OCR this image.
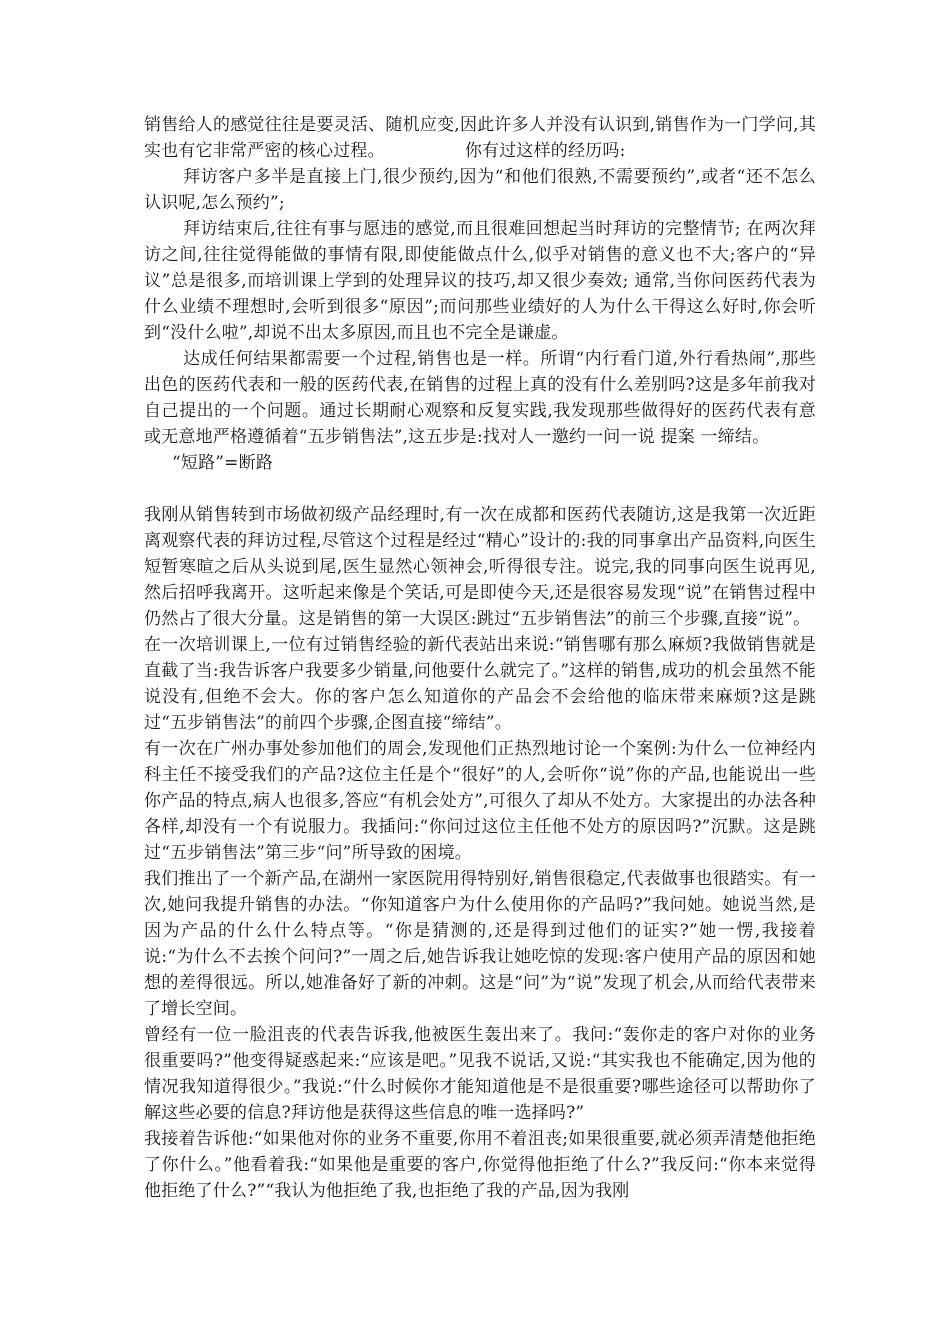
销售给人的感觉往往是要灵活、随机应变,因此许多人并没有认识到,销售作为一门学问,其实也有它非常严密的核心过程。	你有过这样的经历吗:

拜访客户多半是直接上门,很少预约,因为“和他们很熟,不需要预约”,或者“还不怎么认识呢,怎么预约”;

拜访结束后,往往有事与愿违的感觉,而且很难回想起当时拜访的完整情节; 在两次拜访之间,往往觉得能做的事情有限,即使能做点什么,似乎对销售的意义也不大;客户的“异议”总是很多,而培训课上学到的处理异议的技巧,却又很少奏效; 通常,当你问医药代表为什么业绩不理想时,会听到很多“原因”;而问那些业绩好的人为什么干得这么好时,你会听到“没什么啦”,却说不出太多原因,而且也不完全是谦虚。

达成任何结果都需要一个过程,销售也是一样。所谓“内行看门道,外行看热闹”,那些出色的医药代表和一般的医药代表,在销售的过程上真的没有什么差别吗?这是多年前我对自己提出的一个问题。通过长期耐心观察和反复实践,我发现那些做得好的医药代表有意或无意地严格遵循着“五步销售法”,这五步是:找对人一邀约一问一说 提案 一缔结。

“短路”=断路

我刚从销售转到市场做初级产品经理时,有一次在成都和医药代表随访,这是我第一次近距离观察代表的拜访过程,尽管这个过程是经过“精心”设计的:我的同事拿出产品资料,向医生短暂寒暄之后从头说到尾,医生显然心领神会,听得很专注。说完,我的同事向医生说再见,然后招呼我离开。这听起来像是个笑话,可是即使今天,还是很容易发现“说”在销售过程中仍然占了很大分量。这是销售的第一大误区:跳过“五步销售法”的前三个步骤,直接“说”。

在一次培训课上,一位有过销售经验的新代表站出来说:“销售哪有那么麻烦?我做销售就是直截了当:我告诉客户我要多少销量,问他要什么就完了。”这样的销售,成功的机会虽然不能说没有,但绝不会大。你的客户怎么知道你的产品会不会给他的临床带来麻烦?这是跳过“五步销售法”的前四个步骤,企图直接“缔结”。

有一次在广州办事处参加他们的周会,发现他们正热烈地讨论一个案例:为什么一位神经内科主任不接受我们的产品?这位主任是个“很好”的人,会听你“说”你的产品,也能说出一些你产品的特点,病人也很多,答应“有机会处方”,可很久了却从不处方。大家提出的办法各种各样,却没有一个有说服力。我插问:“你问过这位主任他不处方的原因吗?”沉默。这是跳过“五步销售法”第三步“问”所导致的困境。

我们推出了一个新产品,在湖州一家医院用得特别好,销售很稳定,代表做事也很踏实。有一次,她问我提升销售的办法。“你知道客户为什么使用你的产品吗?”我问她。她说当然,是因为产品的什么什么特点等。“你是猜测的,还是得到过他们的证实?”她一愣,我接着说:“为什么不去挨个问问?”一周之后,她告诉我让她吃惊的发现:客户使用产品的原因和她想的差得很远。所以,她准备好了新的冲刺。这是“问”为“说”发现了机会,从而给代表带来了增长空间。

曾经有一位一脸沮丧的代表告诉我,他被医生轰出来了。我问:“轰你走的客户对你的业务很重要吗?”他变得疑惑起来:“应该是吧。”见我不说话,又说:“其实我也不能确定,因为他的情况我知道得很少。”我说:“什么时候你才能知道他是不是很重要?哪些途径可以帮助你了解这些必要的信息?拜访他是获得这些信息的唯一选择吗?”

我接着告诉他:“如果他对你的业务不重要,你用不着沮丧;如果很重要,就必须弄清楚他拒绝了你什么。”他看着我:“如果他是重要的客户,你觉得他拒绝了什么?”我反问:“你本来觉得他拒绝了什么?”“我认为他拒绝了我,也拒绝了我的产品,因为我刚
